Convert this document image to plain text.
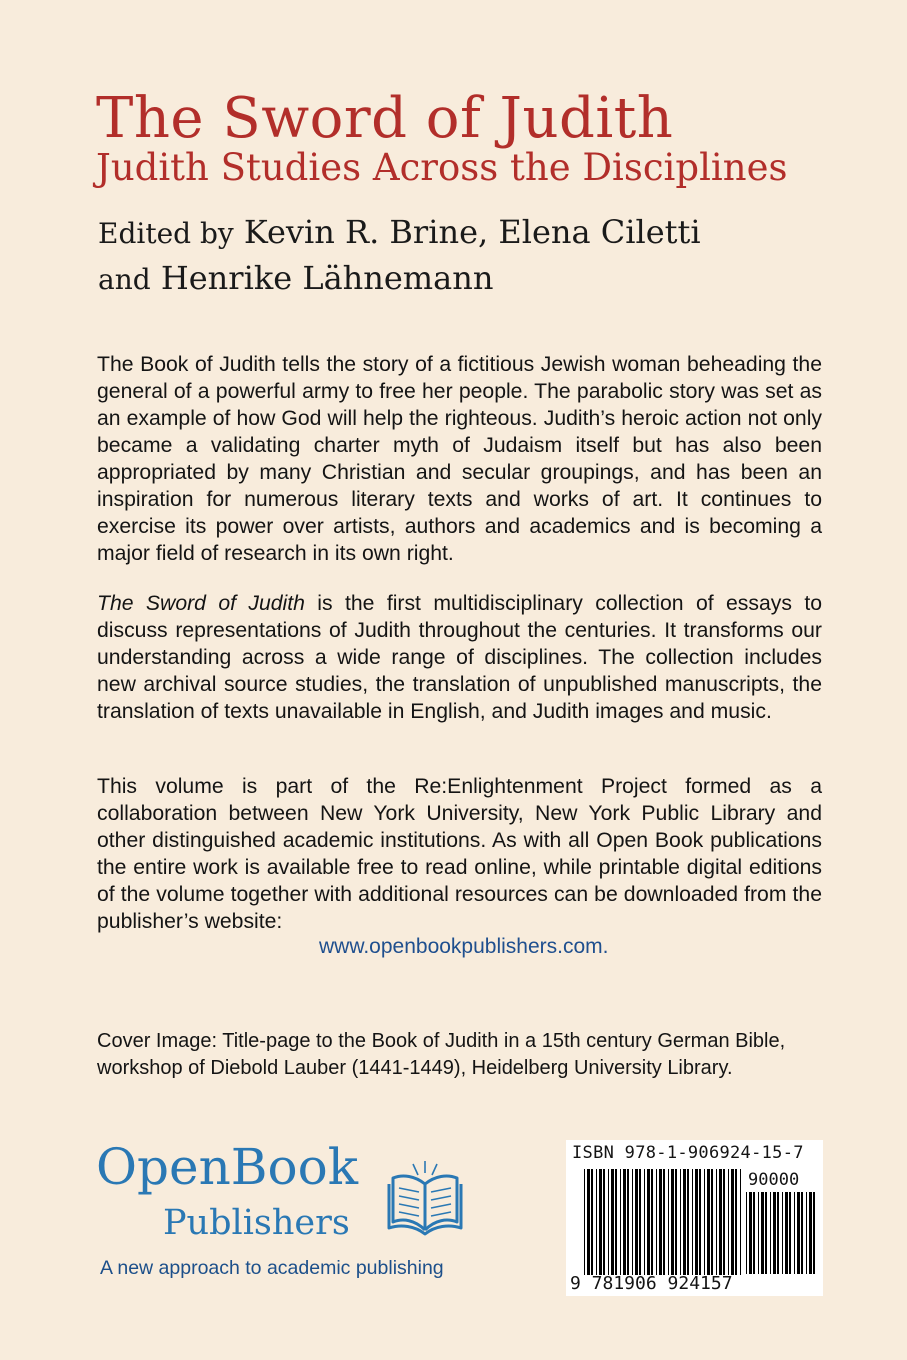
The Sword of Judith
Judith Studies Across the Disciplines
Edited by Kevin R. Brine, Elena Ciletti
and Henrike Lähnemann

The Book of Judith tells the story of a fictitious Jewish woman beheading the general of a powerful army to free her people. The parabolic story was set as an example of how God will help the righteous. Judith’s heroic action not only became a validating charter myth of Judaism itself but has also been appropriated by many Christian and secular groupings, and has been an inspiration for numerous literary texts and works of art. It continues to exercise its power over artists, authors and academics and is becoming a major field of research in its own right.

The Sword of Judith is the first multidisciplinary collection of essays to discuss representations of Judith throughout the centuries. It transforms our understanding across a wide range of disciplines. The collection includes new archival source studies, the translation of unpublished manuscripts, the translation of texts unavailable in English, and Judith images and music.

This volume is part of the Re:Enlightenment Project formed as a collaboration between New York University, New York Public Library and other distinguished academic institutions. As with all Open Book publications the entire work is available free to read online, while printable digital editions of the volume together with additional resources can be downloaded from the publisher’s website:

www.openbookpublishers.com.

Cover Image: Title-page to the Book of Judith in a 15th century German Bible, workshop of Diebold Lauber (1441-1449), Heidelberg University Library.

OpenBook
Publishers
A new approach to academic publishing
ISBN 978-1-906924-15-7
90000
9 781906 924157
